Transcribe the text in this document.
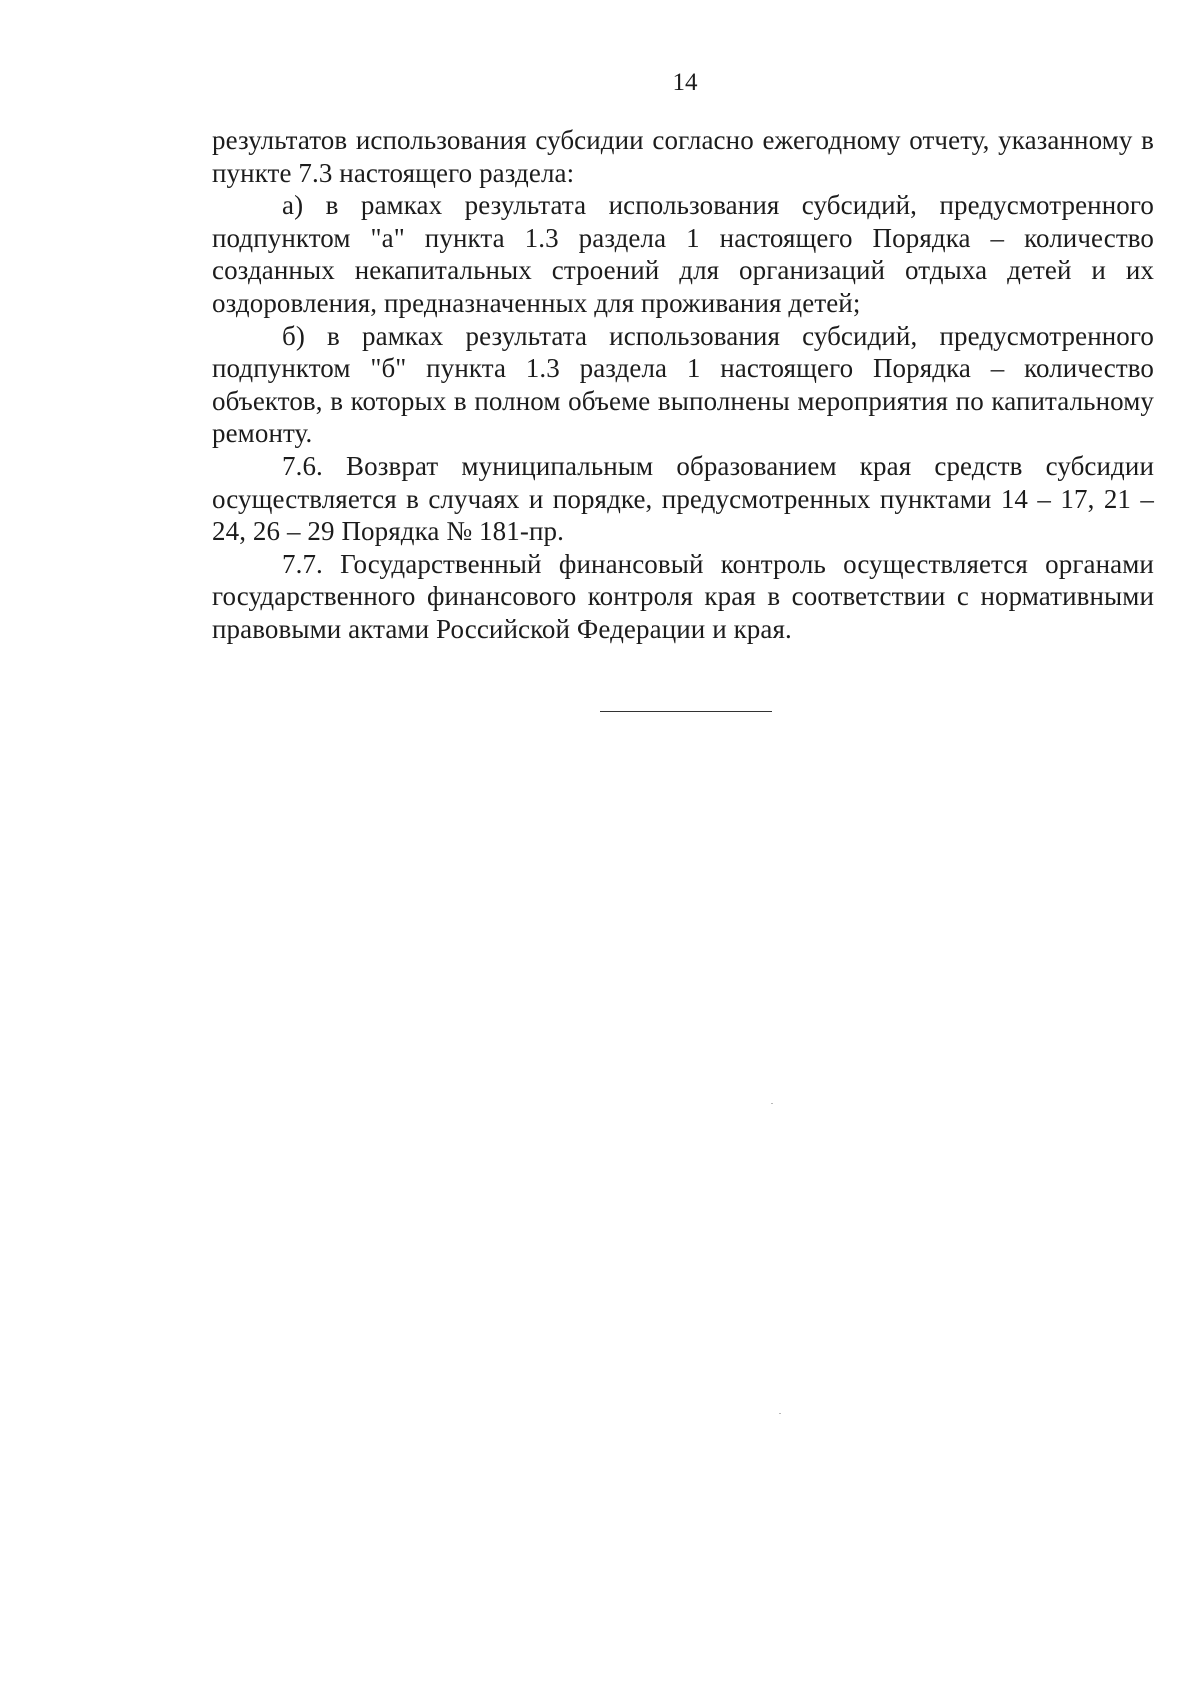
14

результатов использования субсидии согласно ежегодному отчету, указанному в пункте 7.3 настоящего раздела:

а) в рамках результата использования субсидий, предусмотренного подпунктом "а" пункта 1.3 раздела 1 настоящего Порядка – количество созданных некапитальных строений для организаций отдыха детей и их оздоровления, предназначенных для проживания детей;

б) в рамках результата использования субсидий, предусмотренного подпунктом "б" пункта 1.3 раздела 1 настоящего Порядка – количество объектов, в которых в полном объеме выполнены мероприятия по капитальному ремонту.

7.6. Возврат муниципальным образованием края средств субсидии осуществляется в случаях и порядке, предусмотренных пунктами 14 – 17, 21 – 24, 26 – 29 Порядка № 181-пр.

7.7. Государственный финансовый контроль осуществляется органами государственного финансового контроля края в соответствии с нормативными правовыми актами Российской Федерации и края.
